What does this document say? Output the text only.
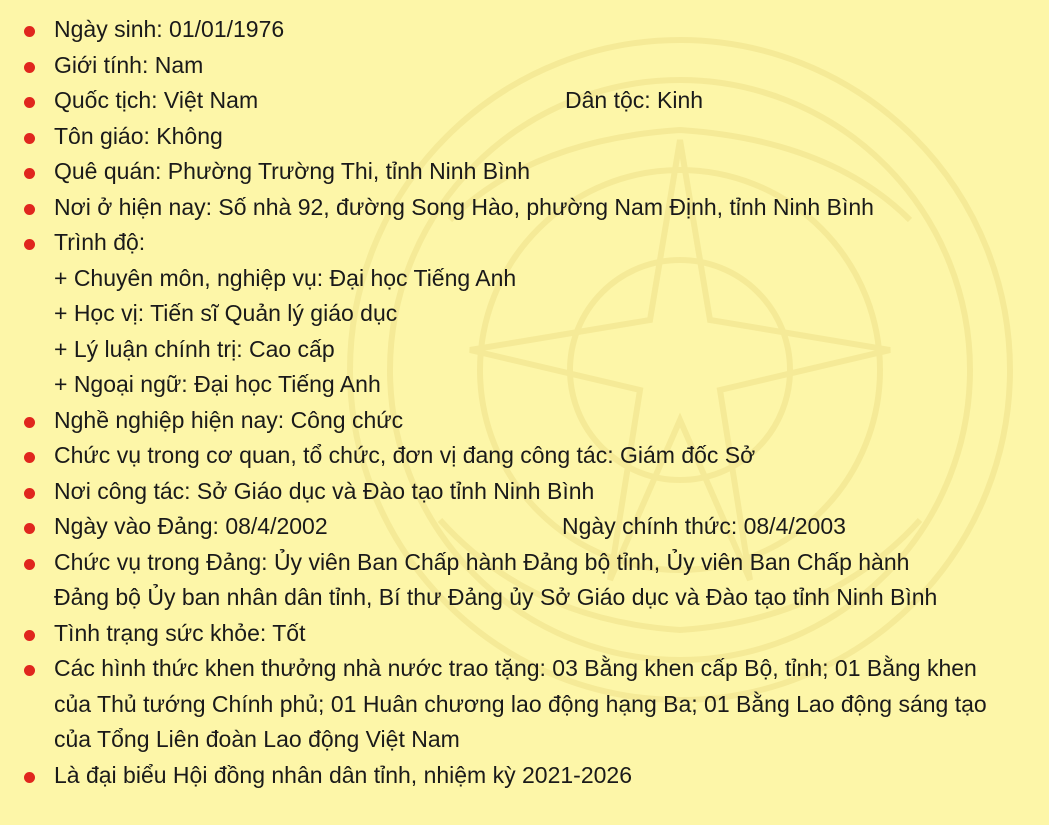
Ngày sinh: 01/01/1976
Giới tính: Nam
Quốc tịch: Việt Nam	Dân tộc: Kinh
Tôn giáo: Không
Quê quán: Phường Trường Thi, tỉnh Ninh Bình
Nơi ở hiện nay: Số nhà 92, đường Song Hào, phường Nam Định, tỉnh Ninh Bình
Trình độ:
+ Chuyên môn, nghiệp vụ: Đại học Tiếng Anh
+ Học vị: Tiến sĩ Quản lý giáo dục
+ Lý luận chính trị: Cao cấp
+ Ngoại ngữ: Đại học Tiếng Anh
Nghề nghiệp hiện nay: Công chức
Chức vụ trong cơ quan, tổ chức, đơn vị đang công tác: Giám đốc Sở
Nơi công tác: Sở Giáo dục và Đào tạo tỉnh Ninh Bình
Ngày vào Đảng: 08/4/2002	Ngày chính thức: 08/4/2003
Chức vụ trong Đảng: Ủy viên Ban Chấp hành Đảng bộ tỉnh, Ủy viên Ban Chấp hành
Đảng bộ Ủy ban nhân dân tỉnh, Bí thư Đảng ủy Sở Giáo dục và Đào tạo tỉnh Ninh Bình
Tình trạng sức khỏe: Tốt
Các hình thức khen thưởng nhà nước trao tặng: 03 Bằng khen cấp Bộ, tỉnh; 01 Bằng khen
của Thủ tướng Chính phủ; 01 Huân chương lao động hạng Ba; 01 Bằng Lao động sáng tạo
của Tổng Liên đoàn Lao động Việt Nam
Là đại biểu Hội đồng nhân dân tỉnh, nhiệm kỳ 2021-2026
